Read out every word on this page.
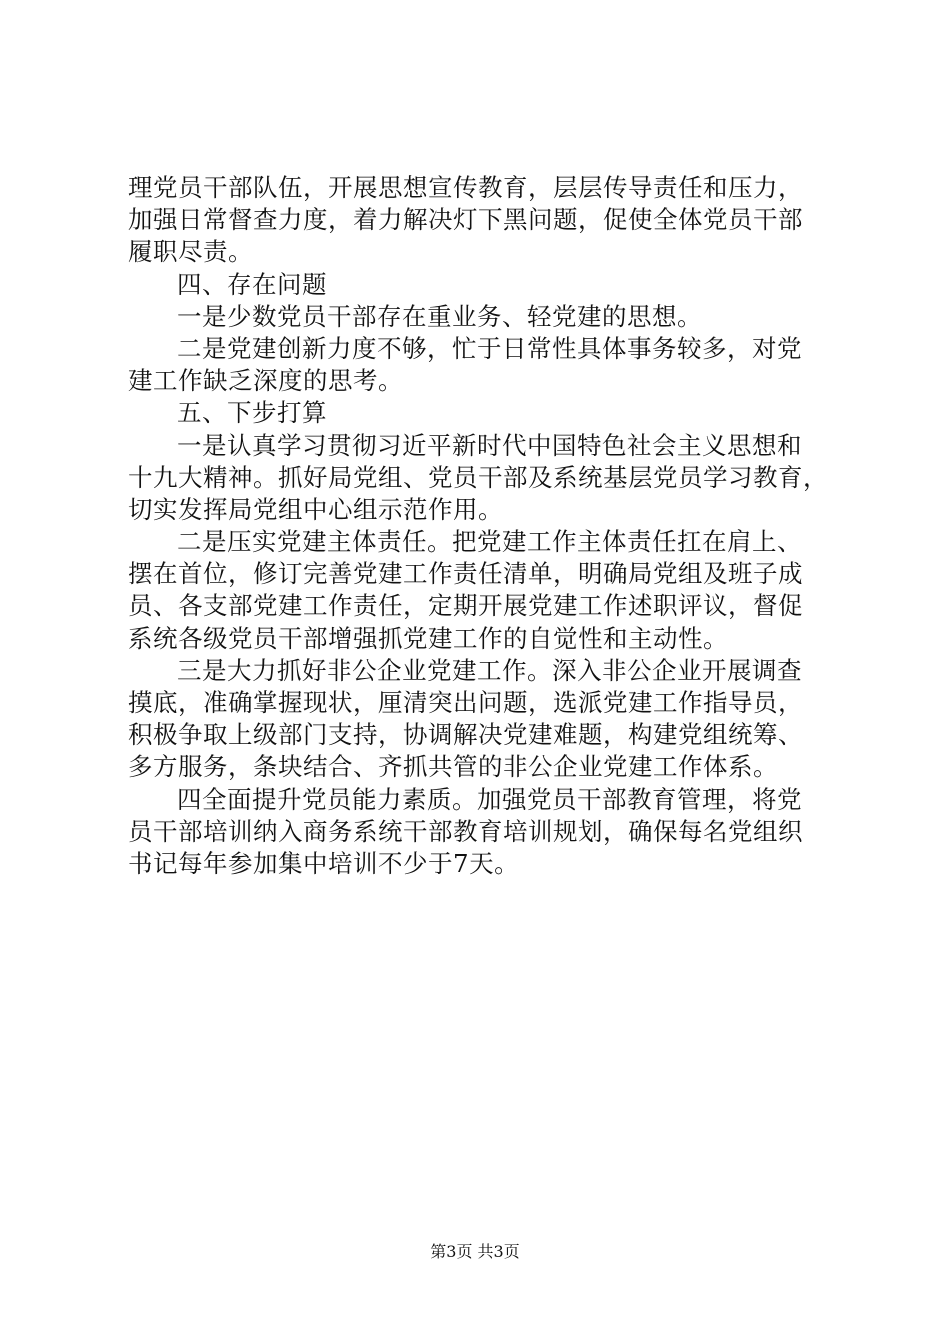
理党员干部队伍，开展思想宣传教育，层层传导责任和压力，
加强日常督查力度，着力解决灯下黑问题，促使全体党员干部
履职尽责。
四、存在问题
一是少数党员干部存在重业务、轻党建的思想。
二是党建创新力度不够，忙于日常性具体事务较多，对党
建工作缺乏深度的思考。
五、下步打算
一是认真学习贯彻习近平新时代中国特色社会主义思想和
十九大精神。抓好局党组、党员干部及系统基层党员学习教育，
切实发挥局党组中心组示范作用。
二是压实党建主体责任。把党建工作主体责任扛在肩上、
摆在首位，修订完善党建工作责任清单，明确局党组及班子成
员、各支部党建工作责任，定期开展党建工作述职评议，督促
系统各级党员干部增强抓党建工作的自觉性和主动性。
三是大力抓好非公企业党建工作。深入非公企业开展调查
摸底，准确掌握现状，厘清突出问题，选派党建工作指导员，
积极争取上级部门支持，协调解决党建难题，构建党组统筹、
多方服务，条块结合、齐抓共管的非公企业党建工作体系。
四全面提升党员能力素质。加强党员干部教育管理，将党
员干部培训纳入商务系统干部教育培训规划，确保每名党组织
书记每年参加集中培训不少于7天。
第3页 共3页
